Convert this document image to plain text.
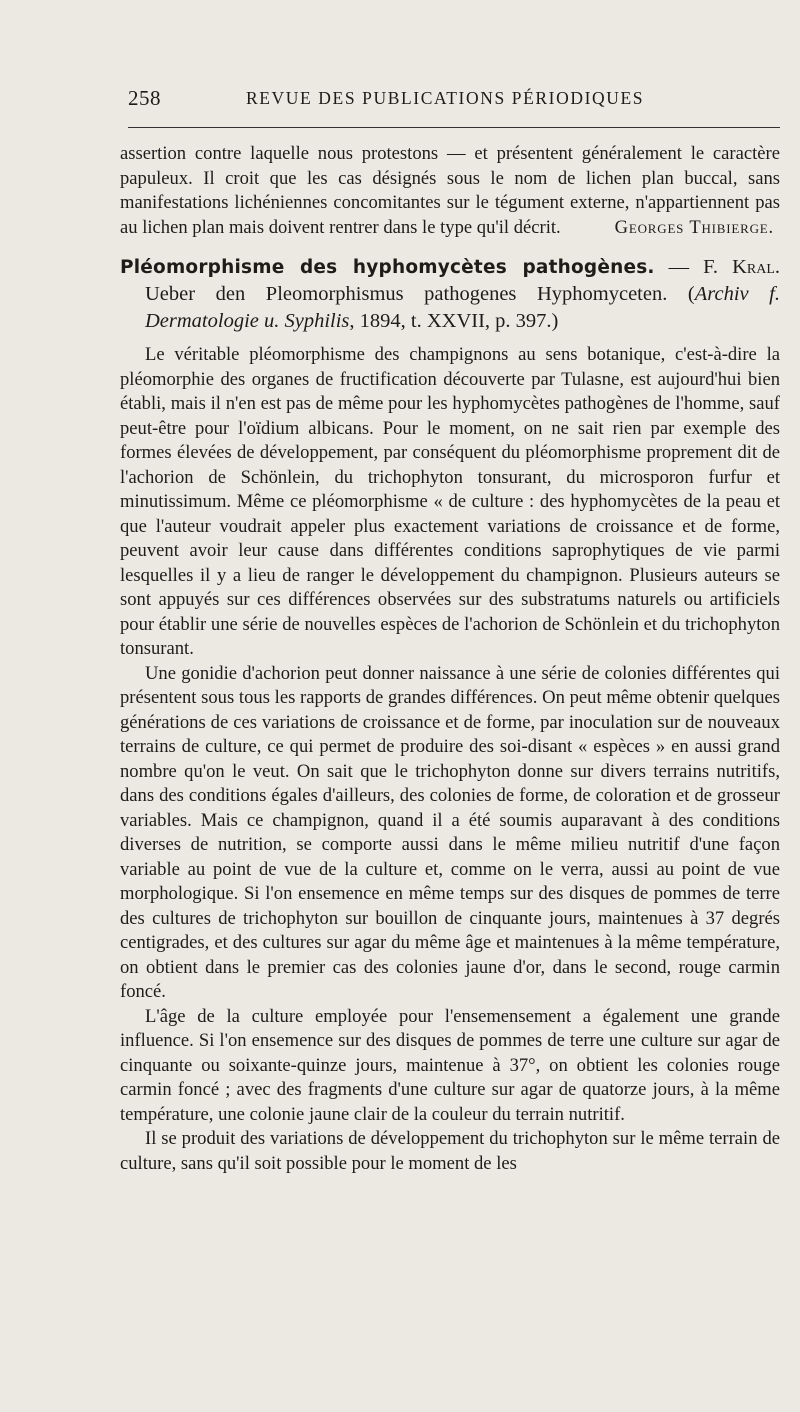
258	REVUE DES PUBLICATIONS PÉRIODIQUES

assertion contre laquelle nous protestons — et présentent généralement le caractère papuleux. Il croit que les cas désignés sous le nom de lichen plan buccal, sans manifestations lichéniennes concomitantes sur le tégument externe, n'appartiennent pas au lichen plan mais doivent rentrer dans le type qu'il décrit.	Georges Thibierge.
Pléomorphisme des hyphomycètes pathogènes. — F. Kral. Ueber den Pleomorphismus pathogenes Hyphomyceten. (Archiv f. Dermatologie u. Syphilis, 1894, t. XXVII, p. 397.)

Le véritable pléomorphisme des champignons au sens botanique, c'est-à-dire la pléomorphie des organes de fructification découverte par Tulasne, est aujourd'hui bien établi, mais il n'en est pas de même pour les hyphomycètes pathogènes de l'homme, sauf peut-être pour l'oïdium albicans. Pour le moment, on ne sait rien par exemple des formes élevées de développement, par conséquent du pléomorphisme proprement dit de l'achorion de Schönlein, du trichophyton tonsurant, du microsporon furfur et minutissimum. Même ce pléomorphisme « de culture : des hyphomycètes de la peau et que l'auteur voudrait appeler plus exactement variations de croissance et de forme, peuvent avoir leur cause dans différentes conditions saprophytiques de vie parmi lesquelles il y a lieu de ranger le développement du champignon. Plusieurs auteurs se sont appuyés sur ces différences observées sur des substratums naturels ou artificiels pour établir une série de nouvelles espèces de l'achorion de Schönlein et du trichophyton tonsurant.

Une gonidie d'achorion peut donner naissance à une série de colonies différentes qui présentent sous tous les rapports de grandes différences. On peut même obtenir quelques générations de ces variations de croissance et de forme, par inoculation sur de nouveaux terrains de culture, ce qui permet de produire des soi-disant « espèces » en aussi grand nombre qu'on le veut. On sait que le trichophyton donne sur divers terrains nutritifs, dans des conditions égales d'ailleurs, des colonies de forme, de coloration et de grosseur variables. Mais ce champignon, quand il a été soumis auparavant à des conditions diverses de nutrition, se comporte aussi dans le même milieu nutritif d'une façon variable au point de vue de la culture et, comme on le verra, aussi au point de vue morphologique. Si l'on ensemence en même temps sur des disques de pommes de terre des cultures de trichophyton sur bouillon de cinquante jours, maintenues à 37 degrés centigrades, et des cultures sur agar du même âge et maintenues à la même température, on obtient dans le premier cas des colonies jaune d'or, dans le second, rouge carmin foncé.

L'âge de la culture employée pour l'ensemensement a également une grande influence. Si l'on ensemence sur des disques de pommes de terre une culture sur agar de cinquante ou soixante-quinze jours, maintenue à 37°, on obtient les colonies rouge carmin foncé ; avec des fragments d'une culture sur agar de quatorze jours, à la même température, une colonie jaune clair de la couleur du terrain nutritif.

Il se produit des variations de développement du trichophyton sur le même terrain de culture, sans qu'il soit possible pour le moment de les
